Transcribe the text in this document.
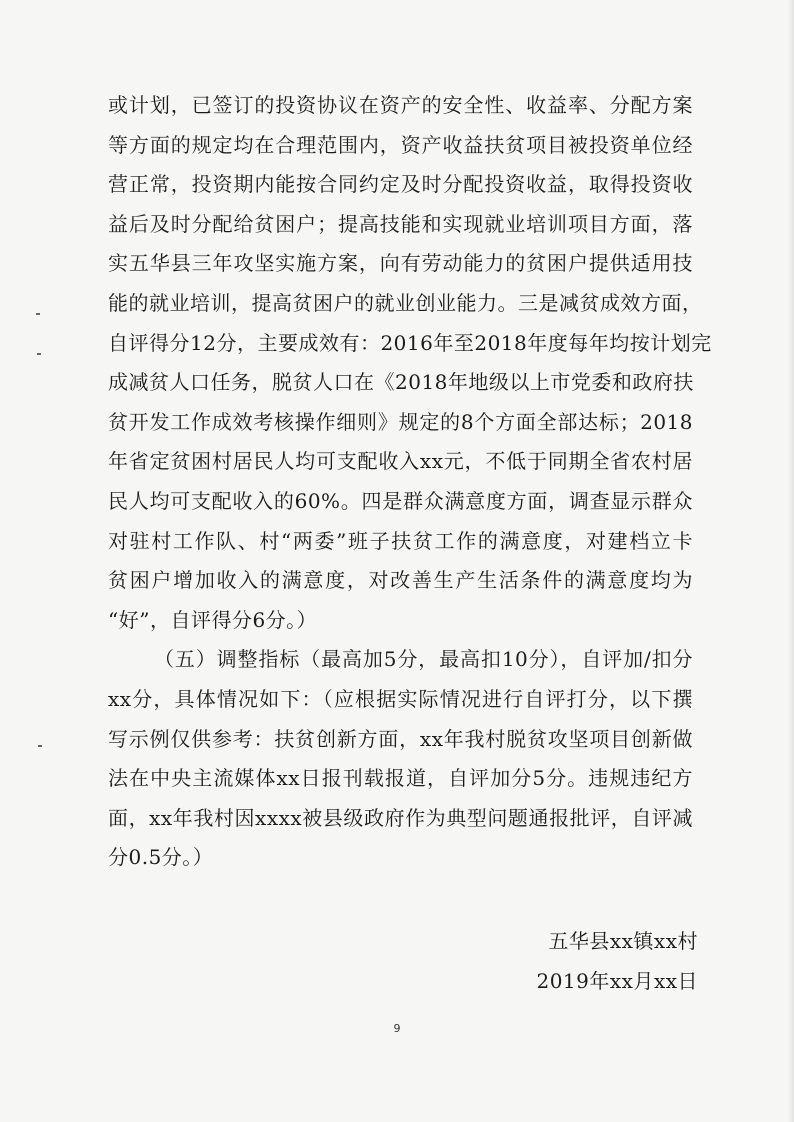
或计划，已签订的投资协议在资产的安全性、收益率、分配方案
等方面的规定均在合理范围内，资产收益扶贫项目被投资单位经
营正常，投资期内能按合同约定及时分配投资收益，取得投资收
益后及时分配给贫困户；提高技能和实现就业培训项目方面，落
实五华县三年攻坚实施方案，向有劳动能力的贫困户提供适用技
能的就业培训，提高贫困户的就业创业能力。三是减贫成效方面，
自评得分12分，主要成效有：2016年至2018年度每年均按计划完
成减贫人口任务，脱贫人口在《2018年地级以上市党委和政府扶
贫开发工作成效考核操作细则》规定的8个方面全部达标；2018
年省定贫困村居民人均可支配收入xx元，不低于同期全省农村居
民人均可支配收入的60%。四是群众满意度方面，调查显示群众
对驻村工作队、村“两委”班子扶贫工作的满意度，对建档立卡
贫困户增加收入的满意度，对改善生产生活条件的满意度均为
“好”，自评得分6分。）
（五）调整指标（最高加5分，最高扣10分），自评加/扣分
xx分，具体情况如下：（应根据实际情况进行自评打分，以下撰
写示例仅供参考：扶贫创新方面，xx年我村脱贫攻坚项目创新做
法在中央主流媒体xx日报刊载报道，自评加分5分。违规违纪方
面，xx年我村因xxxx被县级政府作为典型问题通报批评，自评减
分0.5分。）
五华县xx镇xx村
2019年xx月xx日
9
